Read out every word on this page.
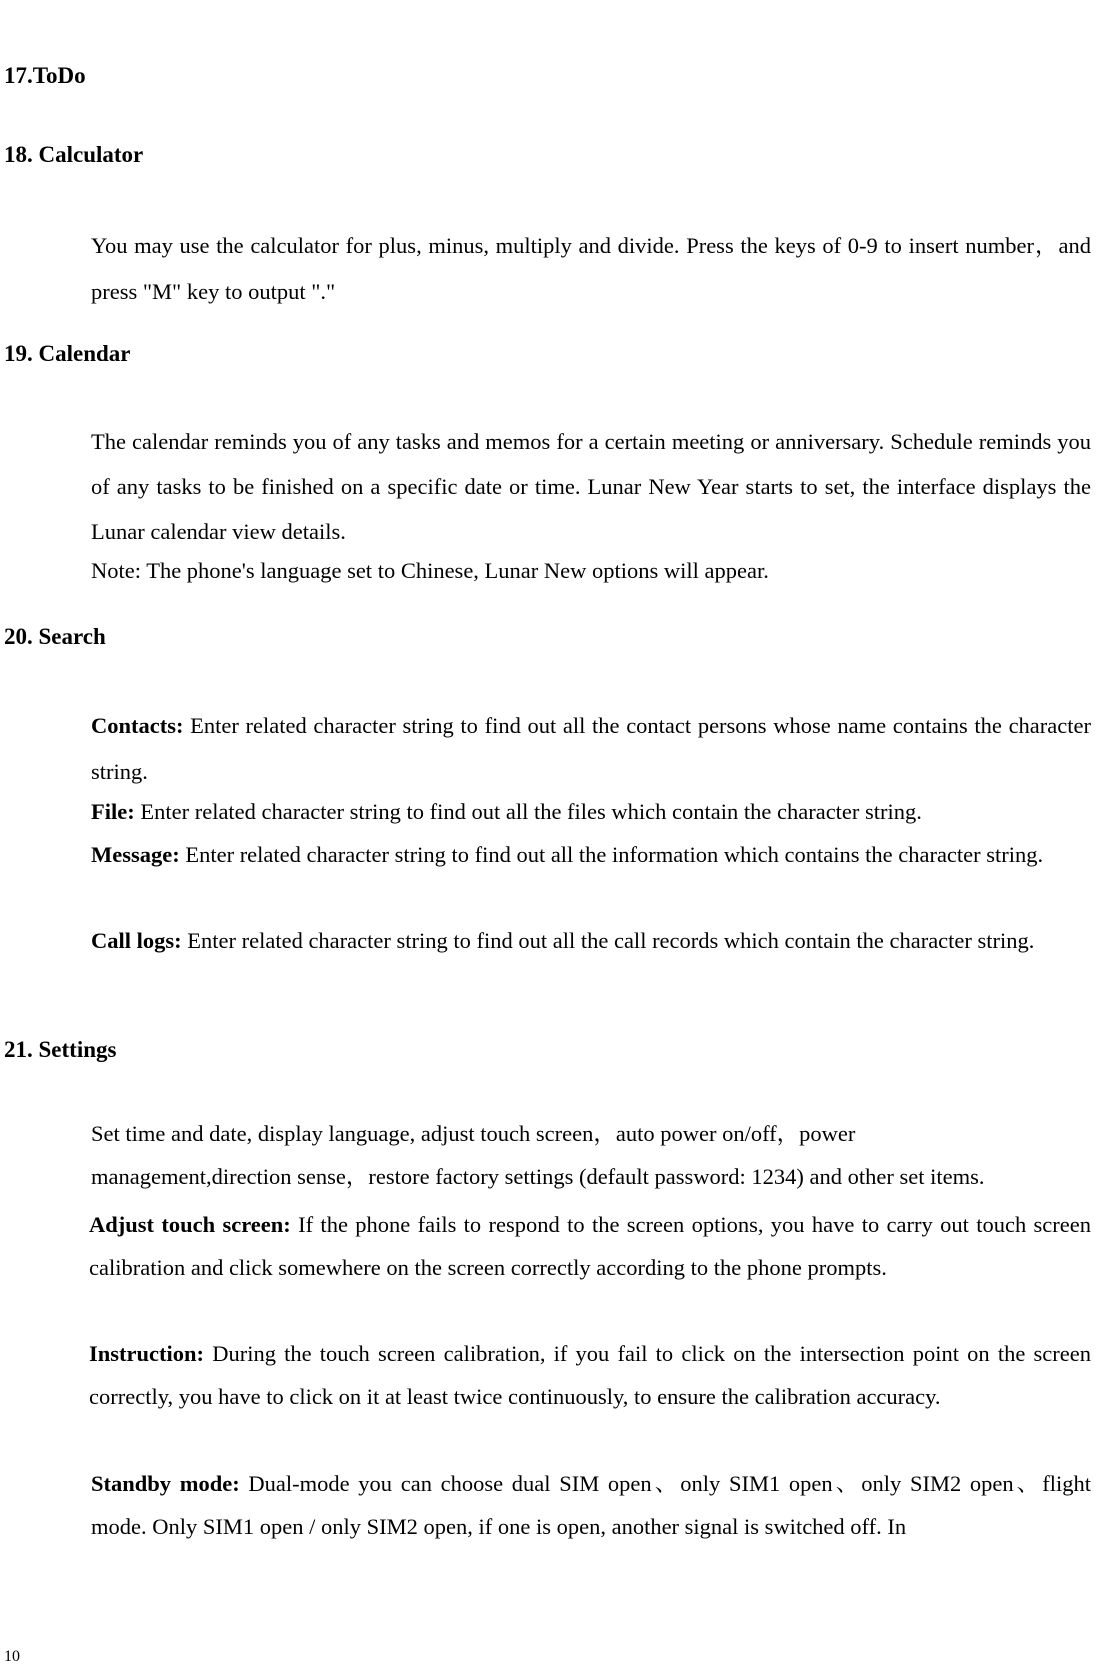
17.ToDo
18. Calculator
You may use the calculator for plus, minus, multiply and divide. Press the keys of 0-9 to insert number，and press "M" key to output "."
19. Calendar
The calendar reminds you of any tasks and memos for a certain meeting or anniversary. Schedule reminds you of any tasks to be finished on a specific date or time. Lunar New Year starts to set, the interface displays the Lunar calendar view details.
Note: The phone's language set to Chinese, Lunar New options will appear.
20. Search
Contacts: Enter related character string to find out all the contact persons whose name contains the character string.
File: Enter related character string to find out all the files which contain the character string.
Message: Enter related character string to find out all the information which contains the character string.
Call logs: Enter related character string to find out all the call records which contain the character string.
21. Settings
Set time and date, display language, adjust touch screen，auto power on/off，power
management,direction sense，restore factory settings (default password: 1234) and other set items.
Adjust touch screen: If the phone fails to respond to the screen options, you have to carry out touch screen calibration and click somewhere on the screen correctly according to the phone prompts.
Instruction: During the touch screen calibration, if you fail to click on the intersection point on the screen correctly, you have to click on it at least twice continuously, to ensure the calibration accuracy.
Standby mode: Dual-mode you can choose dual SIM open、only SIM1 open、only SIM2 open、flight mode. Only SIM1 open / only SIM2 open, if one is open, another signal is switched off. In
10
